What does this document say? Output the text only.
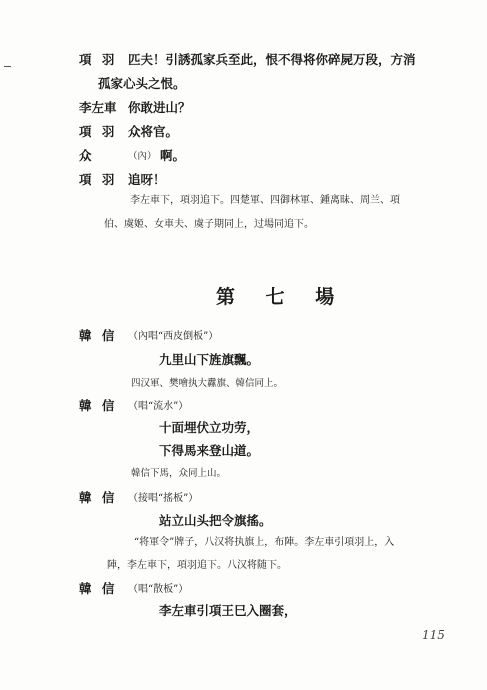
項 羽 匹夫！引誘孤家兵至此，恨不得将你碎屍万段，方消
孤家心头之恨。
李左車 你敢进山？
項 羽 众将官。
众	（內） 啊。
項 羽 追呀！
李左車下，項羽追下。四楚軍、四御林軍、鍾离昧、周兰、項
伯、虞姬、女車夫、虞子期同上，过場同追下。
第 七 場
韓 信 （內唱“西皮倒板”）
九里山下旌旗飄。
四汉軍、樊噲执大纛旗、韓信同上。
韓 信 （唱“流水”）
十面埋伏立功劳，
下得馬来登山道。
韓信下馬，众同上山。
韓 信 （接唱“搖板”）
站立山头把令旗搖。
“将軍令”牌子，八汉将执旗上，布陣。李左車引項羽上，入
陣，李左車下，項羽追下。八汉将随下。
韓 信 （唱“散板”）
李左車引項王巳入圈套，
115
